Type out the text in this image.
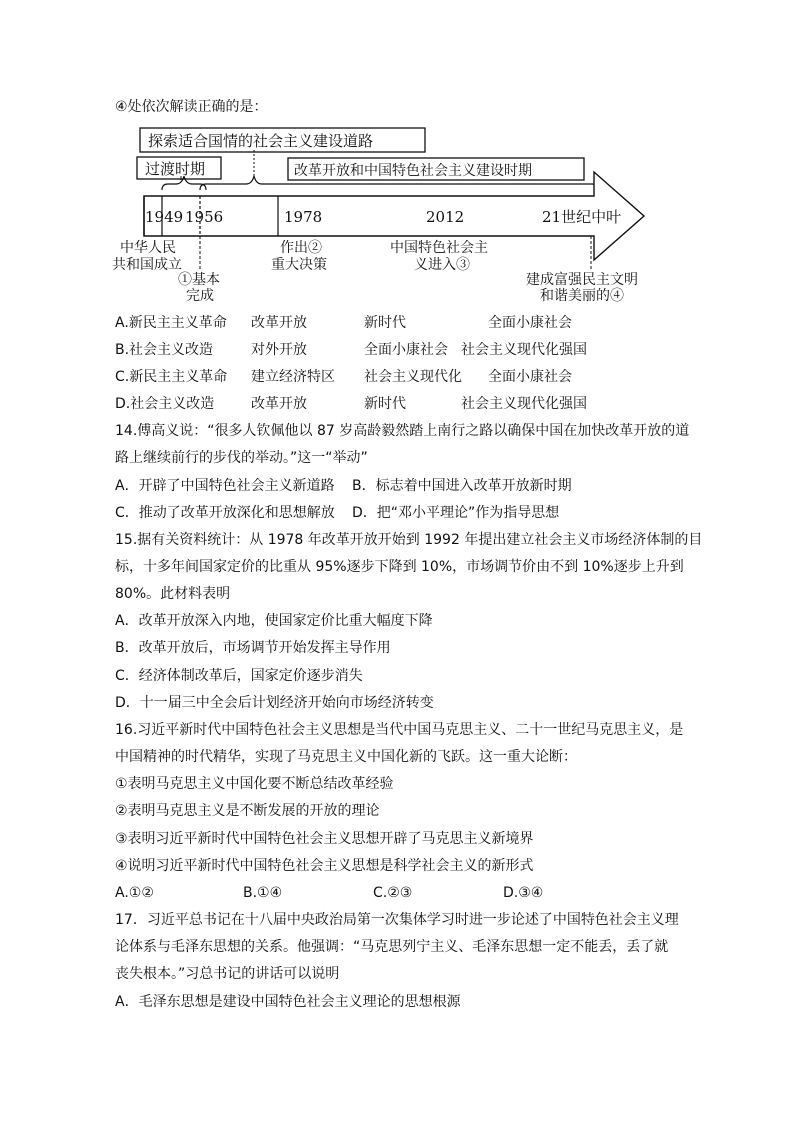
④处依次解读正确的是：
探索适合国情的社会主义建设道路
过渡时期	改革开放和中国特色社会主义建设时期
1949 1956	1978	2012	21世纪中叶
中华人民
共和国成立
①基本
完成
作出②
重大决策
中国特色社会主
义进入③
建成富强民主文明
和谐美丽的④
A.新民主主义革命 改革开放	新时代	全面小康社会
B.社会主义改造	对外开放	全面小康社会 社会主义现代化强国
C.新民主主义革命 建立经济特区 社会主义现代化 全面小康社会
D.社会主义改造	改革开放	新时代	社会主义现代化强国
14.傅高义说：“很多人钦佩他以 87 岁高龄毅然踏上南行之路以确保中国在加快改革开放的道
路上继续前行的步伐的举动。”这一“举动”
A．开辟了中国特色社会主义新道路 B．标志着中国进入改革开放新时期
C．推动了改革开放深化和思想解放 D．把“邓小平理论”作为指导思想
15.据有关资料统计：从 1978 年改革开放开始到 1992 年提出建立社会主义市场经济体制的目
标，十多年间国家定价的比重从 95%逐步下降到 10%，市场调节价由不到 10%逐步上升到
80%。此材料表明
A．改革开放深入内地，使国家定价比重大幅度下降
B．改革开放后，市场调节开始发挥主导作用
C．经济体制改革后，国家定价逐步消失
D．十一届三中全会后计划经济开始向市场经济转变
16.习近平新时代中国特色社会主义思想是当代中国马克思主义、二十一世纪马克思主义，是
中国精神的时代精华，实现了马克思主义中国化新的飞跃。这一重大论断：
①表明马克思主义中国化要不断总结改革经验
②表明马克思主义是不断发展的开放的理论
③表明习近平新时代中国特色社会主义思想开辟了马克思主义新境界
④说明习近平新时代中国特色社会主义思想是科学社会主义的新形式
A.①②	B.①④	C.②③	D.③④
17．习近平总书记在十八届中央政治局第一次集体学习时进一步论述了中国特色社会主义理
论体系与毛泽东思想的关系。他强调：“马克思列宁主义、毛泽东思想一定不能丢，丢了就
丧失根本。”习总书记的讲话可以说明
A．毛泽东思想是建设中国特色社会主义理论的思想根源
